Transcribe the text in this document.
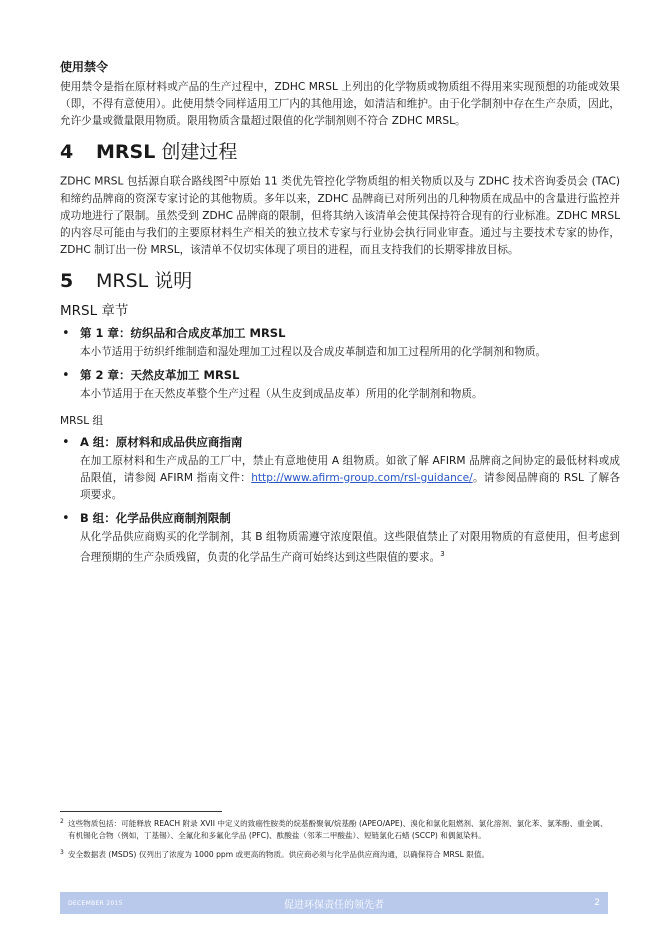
使用禁令

使用禁令是指在原材料或产品的生产过程中，ZDHC MRSL 上列出的化学物质或物质组不得用来实现预想的功能或效果（即，不得有意使用）。此使用禁令同样适用工厂内的其他用途，如清洁和维护。由于化学制剂中存在生产杂质，因此，允许少量或微量限用物质。限用物质含量超过限值的化学制剂则不符合 ZDHC MRSL。

4 MRSL 创建过程

ZDHC MRSL 包括源自联合路线图$^2$中原始 11 类优先管控化学物质组的相关物质以及与 ZDHC 技术咨询委员会 (TAC)和缔约品牌商的资深专家讨论的其他物质。多年以来，ZDHC 品牌商已对所列出的几种物质在成品中的含量进行监控并成功地进行了限制。虽然受到 ZDHC 品牌商的限制，但将其纳入该清单会使其保持符合现有的行业标准。ZDHC MRSL 的内容尽可能由与我们的主要原材料生产相关的独立技术专家与行业协会执行同业审查。通过与主要技术专家的协作，ZDHC 制订出一份 MRSL，该清单不仅切实体现了项目的进程，而且支持我们的长期零排放目标。

5 MRSL 说明
MRSL 章节
• 第 1 章：纺织品和合成皮革加工 MRSL

本小节适用于纺织纤维制造和湿处理加工过程以及合成皮革制造和加工过程所用的化学制剂和物质。

• 第 2 章：天然皮革加工 MRSL

本小节适用于在天然皮革整个生产过程（从生皮到成品皮革）所用的化学制剂和物质。

MRSL 组
• A 组：原材料和成品供应商指南

在加工原材料和生产成品的工厂中，禁止有意地使用 A 组物质。如欲了解 AFIRM 品牌商之间协定的最低材料或成品限值，请参阅 AFIRM 指南文件：http://www.afirm-group.com/rsl-guidance/。请参阅品牌商的 RSL 了解各项要求。

• B 组：化学品供应商制剂限制

从化学品供应商购买的化学制剂，其 B 组物质需遵守浓度限值。这些限值禁止了对限用物质的有意使用，但考虑到合理预期的生产杂质残留，负责的化学品生产商可始终达到这些限值的要求。$^3$

2 这些物质包括：可能释放 REACH 附录 XVII 中定义的致癌性胺类的烷基酚聚氧/烷基酚 (APEO/APE)、溴化和氯化阻燃剂、氯化溶剂、氯化苯、氯苯酚、重金属、有机锡化合物（例如，丁基锡）、全氟化和多氟化学品 (PFC)、酞酸盐（邻苯二甲酸盐）、短链氯化石蜡 (SCCP) 和偶氮染料。

3 安全数据表 (MSDS) 仅列出了浓度为 1000 ppm 或更高的物质。供应商必须与化学品供应商沟通，以确保符合 MRSL 限值。

DECEMBER 2015	促进环保责任的领先者	2
